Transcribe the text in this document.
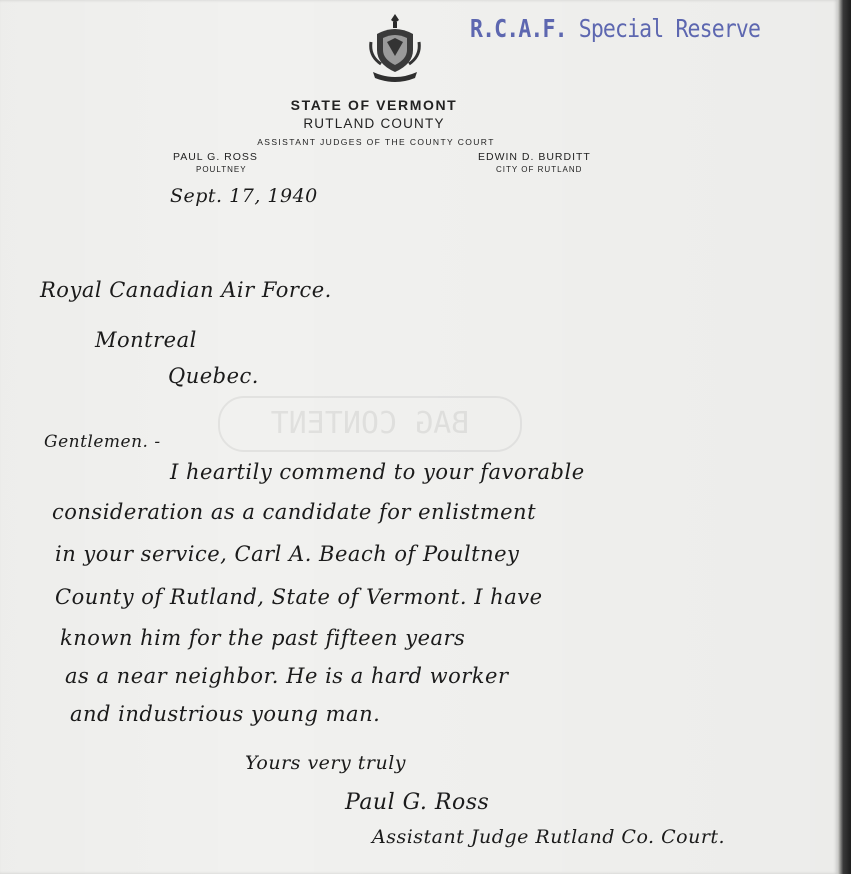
R.C.A.F. Special Reserve
STATE OF VERMONT
RUTLAND COUNTY
ASSISTANT JUDGES OF THE COUNTY COURT
PAUL G. ROSS
POULTNEY
EDWIN D. BURDITT
CITY OF RUTLAND
BAG CONTENT
Sept. 17, 1940
Royal Canadian Air Force.
Montreal
Quebec.
Gentlemen. -
I heartily commend to your favorable
consideration as a candidate for enlistment
in your service, Carl A. Beach of Poultney
County of Rutland, State of Vermont. I have
known him for the past fifteen years
as a near neighbor. He is a hard worker
and industrious young man.
Yours very truly
Paul G. Ross
Assistant Judge Rutland Co. Court.
